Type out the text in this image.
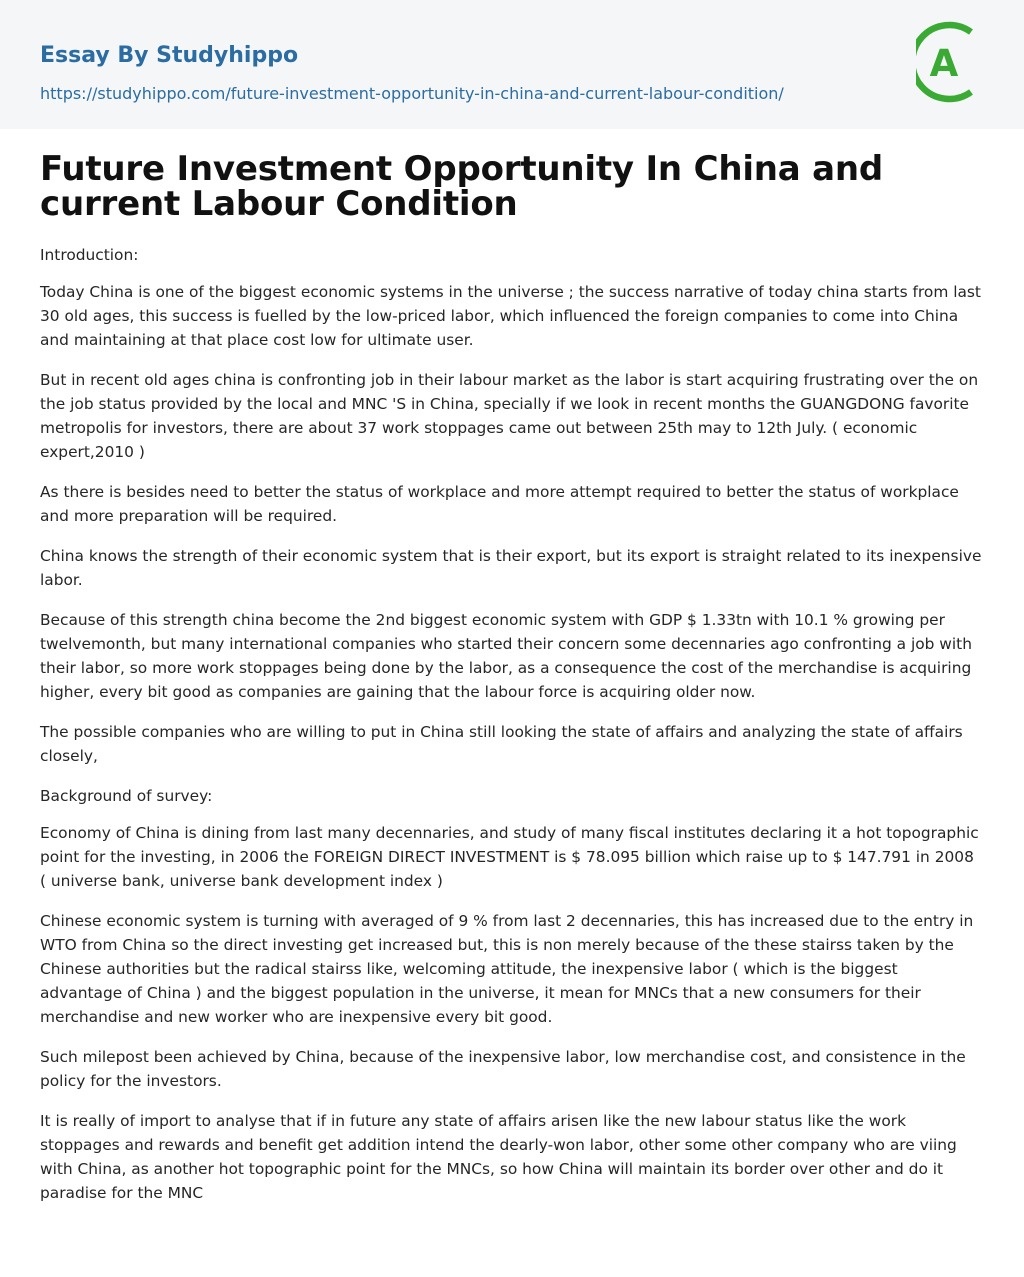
Essay By Studyhippo
https://studyhippo.com/future-investment-opportunity-in-china-and-current-labour-condition/
A
Future Investment Opportunity In China and current Labour Condition

Introduction:

Today China is one of the biggest economic systems in the universe ; the success narrative of today china starts from last 30 old ages, this success is fuelled by the low-priced labor, which influenced the foreign companies to come into China and maintaining at that place cost low for ultimate user.

But in recent old ages china is confronting job in their labour market as the labor is start acquiring frustrating over the on the job status provided by the local and MNC 'S in China, specially if we look in recent months the GUANGDONG favorite metropolis for investors, there are about 37 work stoppages came out between 25th may to 12th July. ( economic expert,2010 )

As there is besides need to better the status of workplace and more attempt required to better the status of workplace and more preparation will be required.

China knows the strength of their economic system that is their export, but its export is straight related to its inexpensive labor.

Because of this strength china become the 2nd biggest economic system with GDP $ 1.33tn with 10.1 % growing per twelvemonth, but many international companies who started their concern some decennaries ago confronting a job with their labor, so more work stoppages being done by the labor, as a consequence the cost of the merchandise is acquiring higher, every bit good as companies are gaining that the labour force is acquiring older now.

The possible companies who are willing to put in China still looking the state of affairs and analyzing the state of affairs closely,

Background of survey:

Economy of China is dining from last many decennaries, and study of many fiscal institutes declaring it a hot topographic point for the investing, in 2006 the FOREIGN DIRECT INVESTMENT is $ 78.095 billion which raise up to $ 147.791 in 2008 ( universe bank, universe bank development index )

Chinese economic system is turning with averaged of 9 % from last 2 decennaries, this has increased due to the entry in WTO from China so the direct investing get increased but, this is non merely because of the these stairss taken by the Chinese authorities but the radical stairss like, welcoming attitude, the inexpensive labor ( which is the biggest advantage of China ) and the biggest population in the universe, it mean for MNCs that a new consumers for their merchandise and new worker who are inexpensive every bit good.

Such milepost been achieved by China, because of the inexpensive labor, low merchandise cost, and consistence in the policy for the investors.

It is really of import to analyse that if in future any state of affairs arisen like the new labour status like the work stoppages and rewards and benefit get addition intend the dearly-won labor, other some other company who are viing with China, as another hot topographic point for the MNCs, so how China will maintain its border over other and do it paradise for the MNC
